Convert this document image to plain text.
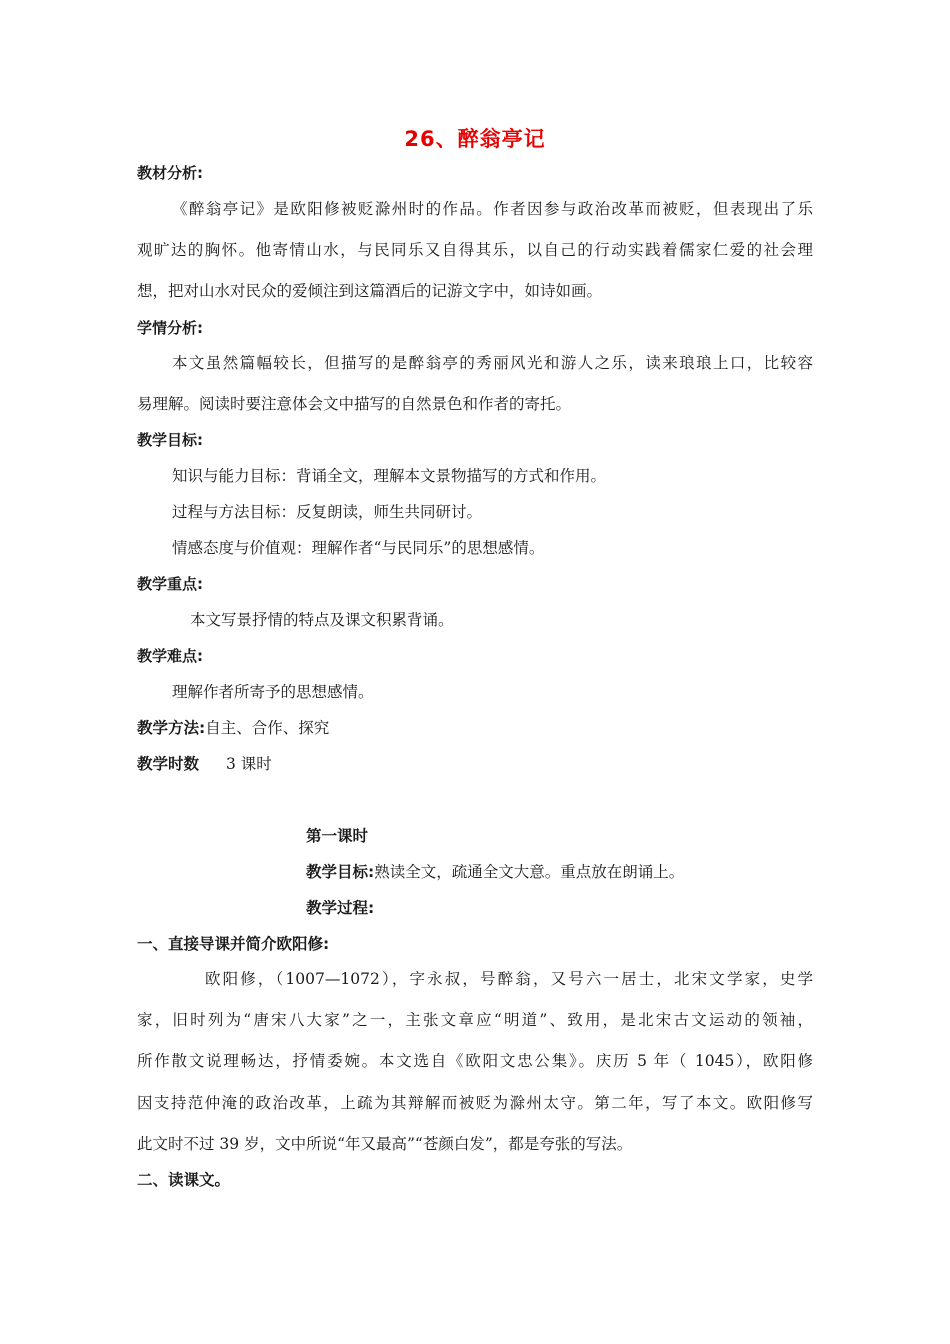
26、醉翁亭记
教材分析:
《醉翁亭记》是欧阳修被贬滁州时的作品。作者因参与政治改革而被贬，但表现出了乐
观旷达的胸怀。他寄情山水，与民同乐又自得其乐，以自己的行动实践着儒家仁爱的社会理
想，把对山水对民众的爱倾注到这篇酒后的记游文字中，如诗如画。
学情分析:
本文虽然篇幅较长，但描写的是醉翁亭的秀丽风光和游人之乐，读来琅琅上口，比较容
易理解。阅读时要注意体会文中描写的自然景色和作者的寄托。
教学目标:
知识与能力目标：背诵全文，理解本文景物描写的方式和作用。
过程与方法目标：反复朗读，师生共同研讨。
情感态度与价值观：理解作者“与民同乐”的思想感情。
教学重点:
本文写景抒情的特点及课文积累背诵。
教学难点:
理解作者所寄予的思想感情。
教学方法:自主、合作、探究
教学时数 3 课时
第一课时
教学目标:熟读全文，疏通全文大意。重点放在朗诵上。
教学过程:
一、直接导课并简介欧阳修:
欧阳修，（1007—1072），字永叔，号醉翁，又号六一居士，北宋文学家，史学
家，旧时列为“唐宋八大家”之一，主张文章应“明道”、致用，是北宋古文运动的领袖，
所作散文说理畅达，抒情委婉。本文选自《欧阳文忠公集》。庆历 5 年（ 1045），欧阳修
因支持范仲淹的政治改革，上疏为其辩解而被贬为滁州太守。第二年，写了本文。欧阳修写
此文时不过 39 岁，文中所说“年又最高”“苍颜白发”，都是夸张的写法。
二、读课文。
